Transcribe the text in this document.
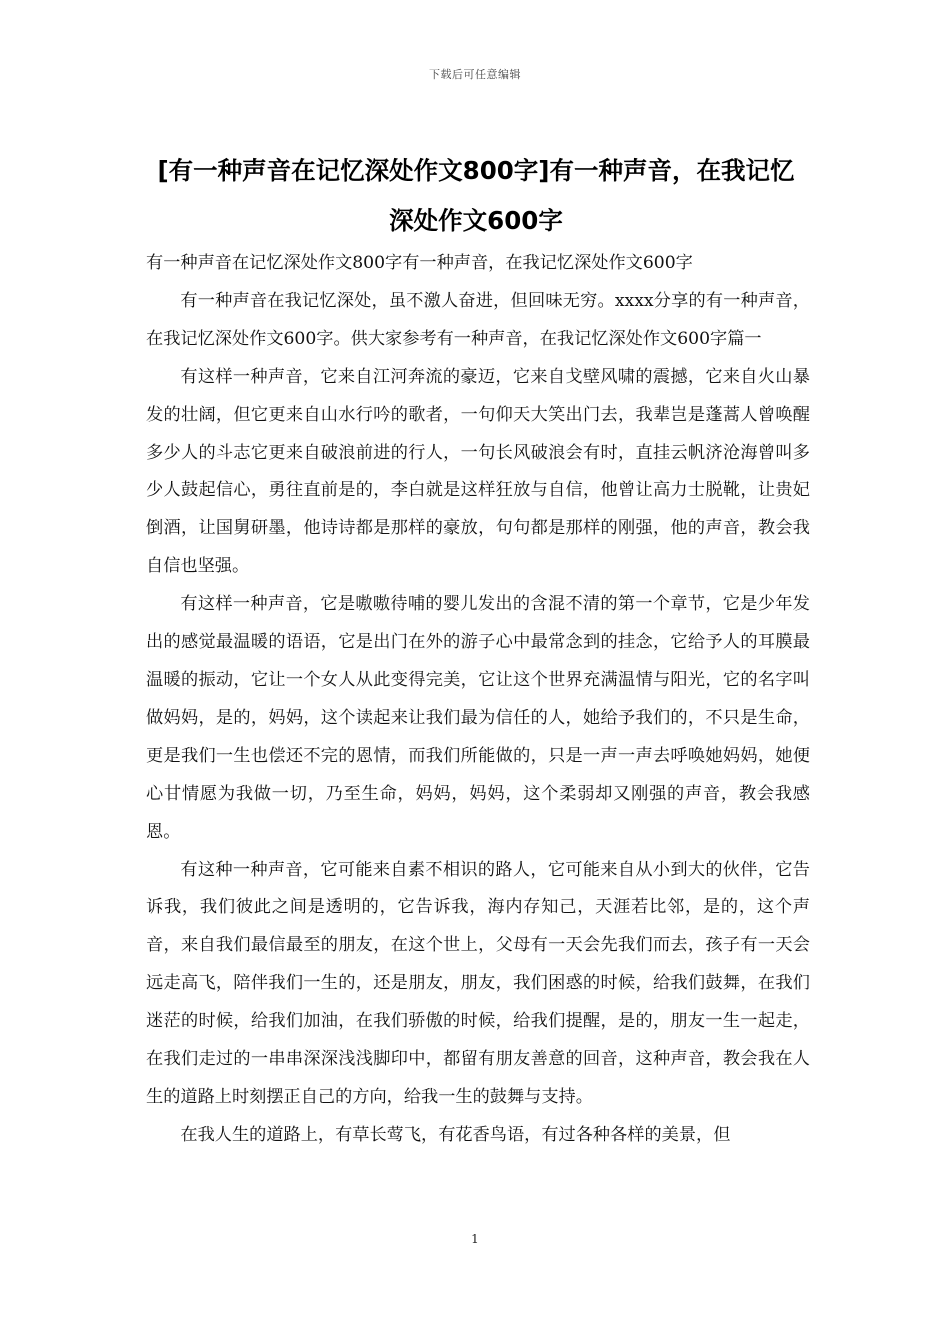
下载后可任意编辑
[有一种声音在记忆深处作文800字]有一种声音，在我记忆深处作文600字

有一种声音在记忆深处作文800字有一种声音，在我记忆深处作文600字

有一种声音在我记忆深处，虽不激人奋进，但回味无穷。xxxx分享的有一种声音，在我记忆深处作文600字。供大家参考有一种声音，在我记忆深处作文600字篇一

有这样一种声音，它来自江河奔流的豪迈，它来自戈壁风啸的震撼，它来自火山暴发的壮阔，但它更来自山水行吟的歌者，一句仰天大笑出门去，我辈岂是蓬蒿人曾唤醒多少人的斗志它更来自破浪前进的行人，一句长风破浪会有时，直挂云帆济沧海曾叫多少人鼓起信心，勇往直前是的，李白就是这样狂放与自信，他曾让高力士脱靴，让贵妃倒酒，让国舅研墨，他诗诗都是那样的豪放，句句都是那样的刚强，他的声音，教会我自信也坚强。

有这样一种声音，它是嗷嗷待哺的婴儿发出的含混不清的第一个章节，它是少年发出的感觉最温暖的语语，它是出门在外的游子心中最常念到的挂念，它给予人的耳膜最温暖的振动，它让一个女人从此变得完美，它让这个世界充满温情与阳光，它的名字叫做妈妈，是的，妈妈，这个读起来让我们最为信任的人，她给予我们的，不只是生命，更是我们一生也偿还不完的恩情，而我们所能做的，只是一声一声去呼唤她妈妈，她便心甘情愿为我做一切，乃至生命，妈妈，妈妈，这个柔弱却又刚强的声音，教会我感恩。

有这种一种声音，它可能来自素不相识的路人，它可能来自从小到大的伙伴，它告诉我，我们彼此之间是透明的，它告诉我，海内存知己，天涯若比邻，是的，这个声音，来自我们最信最至的朋友，在这个世上，父母有一天会先我们而去，孩子有一天会远走高飞，陪伴我们一生的，还是朋友，朋友，我们困惑的时候，给我们鼓舞，在我们迷茫的时候，给我们加油，在我们骄傲的时候，给我们提醒，是的，朋友一生一起走，在我们走过的一串串深深浅浅脚印中，都留有朋友善意的回音，这种声音，教会我在人生的道路上时刻摆正自己的方向，给我一生的鼓舞与支持。

在我人生的道路上，有草长莺飞，有花香鸟语，有过各种各样的美景，但

1
